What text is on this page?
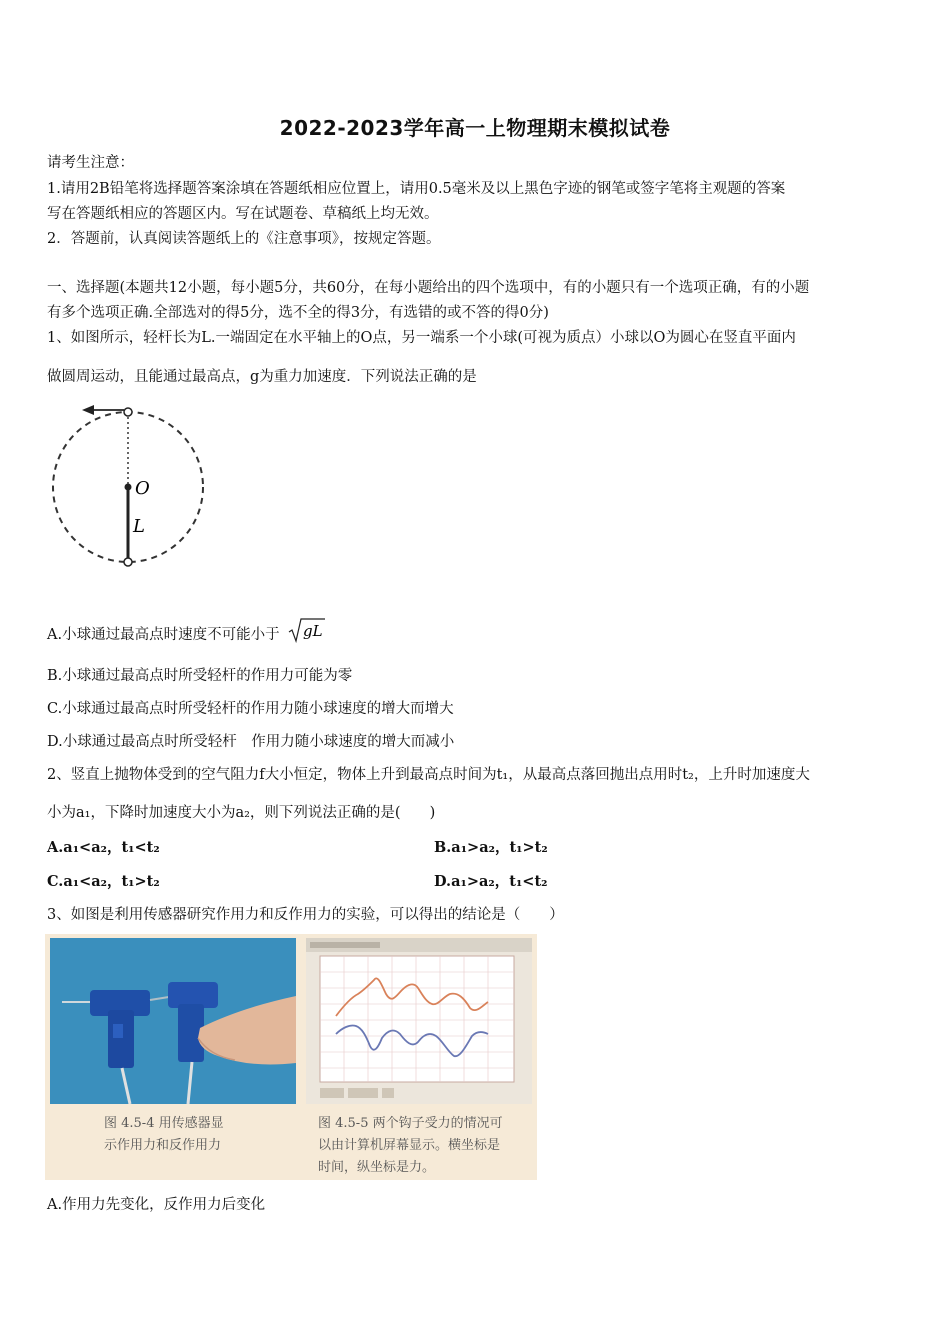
2022-2023学年高一上物理期末模拟试卷
请考生注意：
1.请用2B铅笔将选择题答案涂填在答题纸相应位置上，请用0.5毫米及以上黑色字迹的钢笔或签字笔将主观题的答案
写在答题纸相应的答题区内。写在试题卷、草稿纸上均无效。
2．答题前，认真阅读答题纸上的《注意事项》，按规定答题。
一、选择题(本题共12小题，每小题5分，共60分，在每小题给出的四个选项中，有的小题只有一个选项正确，有的小题
有多个选项正确.全部选对的得5分，选不全的得3分，有选错的或不答的得0分)
1、如图所示，轻杆长为L.一端固定在水平轴上的O点，另一端系一个小球(可视为质点）小球以O为圆心在竖直平面内
做圆周运动，且能通过最高点，g为重力加速度．下列说法正确的是
O
L
A.小球通过最高点时速度不可能小于 gL
B.小球通过最高点时所受轻杆的作用力可能为零
C.小球通过最高点时所受轻杆的作用力随小球速度的增大而增大
D.小球通过最高点时所受轻杆　作用力随小球速度的增大而减小
2、竖直上抛物体受到的空气阻力f大小恒定，物体上升到最高点时间为t₁，从最高点落回抛出点用时t₂，上升时加速度大
小为a₁，下降时加速度大小为a₂，则下列说法正确的是(　　)
A.a₁<a₂，t₁<t₂	B.a₁>a₂，t₁>t₂
C.a₁<a₂，t₁>t₂	D.a₁>a₂，t₁<t₂
3、如图是利用传感器研究作用力和反作用力的实验，可以得出的结论是（　　）
图 4.5-4 用传感器显
示作用力和反作用力
图 4.5-5 两个钩子受力的情况可
以由计算机屏幕显示。横坐标是
时间，纵坐标是力。
A.作用力先变化，反作用力后变化
